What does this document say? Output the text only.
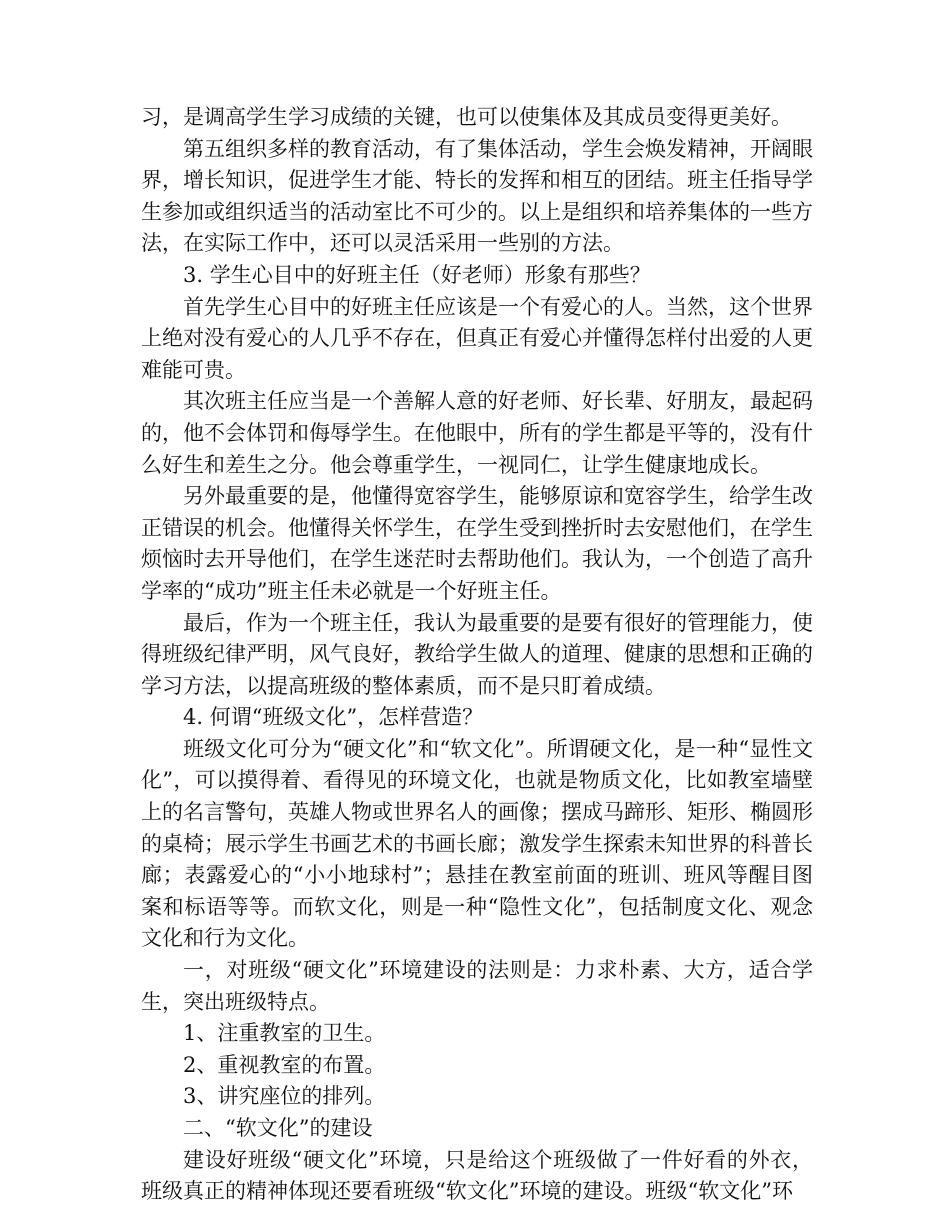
习，是调高学生学习成绩的关键，也可以使集体及其成员变得更美好。

第五组织多样的教育活动，有了集体活动，学生会焕发精神，开阔眼界，增长知识，促进学生才能、特长的发挥和相互的团结。班主任指导学生参加或组织适当的活动室比不可少的。以上是组织和培养集体的一些方法，在实际工作中，还可以灵活采用一些别的方法。

3. 学生心目中的好班主任（好老师）形象有那些？

首先学生心目中的好班主任应该是一个有爱心的人。当然，这个世界上绝对没有爱心的人几乎不存在，但真正有爱心并懂得怎样付出爱的人更难能可贵。

其次班主任应当是一个善解人意的好老师、好长辈、好朋友，最起码的，他不会体罚和侮辱学生。在他眼中，所有的学生都是平等的，没有什么好生和差生之分。他会尊重学生，一视同仁，让学生健康地成长。

另外最重要的是，他懂得宽容学生，能够原谅和宽容学生，给学生改正错误的机会。他懂得关怀学生，在学生受到挫折时去安慰他们，在学生烦恼时去开导他们，在学生迷茫时去帮助他们。我认为，一个创造了高升学率的“成功”班主任未必就是一个好班主任。

最后，作为一个班主任，我认为最重要的是要有很好的管理能力，使得班级纪律严明，风气良好，教给学生做人的道理、健康的思想和正确的学习方法，以提高班级的整体素质，而不是只盯着成绩。

4. 何谓“班级文化”，怎样营造？

班级文化可分为“硬文化”和“软文化”。所谓硬文化，是一种“显性文化”，可以摸得着、看得见的环境文化，也就是物质文化，比如教室墙壁上的名言警句，英雄人物或世界名人的画像；摆成马蹄形、矩形、椭圆形的桌椅；展示学生书画艺术的书画长廊；激发学生探索未知世界的科普长廊；表露爱心的“小小地球村”；悬挂在教室前面的班训、班风等醒目图案和标语等等。而软文化，则是一种“隐性文化”，包括制度文化、观念文化和行为文化。

一，对班级“硬文化”环境建设的法则是：力求朴素、大方，适合学生，突出班级特点。

1、注重教室的卫生。

2、重视教室的布置。

3、讲究座位的排列。

二、“软文化”的建设

建设好班级“硬文化”环境，只是给这个班级做了一件好看的外衣，班级真正的精神体现还要看班级“软文化”环境的建设。班级“软文化”环
